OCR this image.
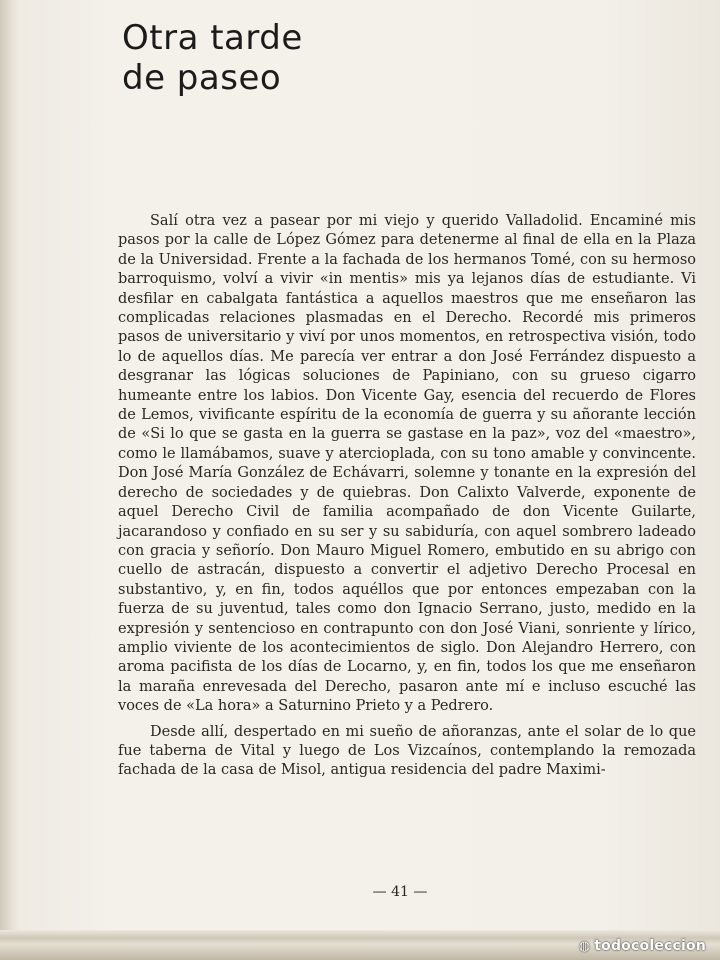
Otra tarde
de paseo

Salí otra vez a pasear por mi viejo y querido Valladolid. Encaminé mis pasos por la calle de López Gómez para detenerme al final de ella en la Plaza de la Universidad. Frente a la fachada de los hermanos Tomé, con su hermoso barroquismo, volví a vivir «in mentis» mis ya lejanos días de estudiante. Vi desfilar en cabalgata fantástica a aquellos maestros que me enseñaron las complicadas relaciones plasmadas en el Derecho. Recordé mis primeros pasos de universitario y viví por unos momentos, en retrospectiva visión, todo lo de aquellos días. Me parecía ver entrar a don José Ferrández dispuesto a desgranar las lógicas soluciones de Papiniano, con su grueso cigarro humeante entre los labios. Don Vicente Gay, esencia del recuerdo de Flores de Lemos, vivificante espíritu de la economía de guerra y su añorante lección de «Si lo que se gasta en la guerra se gastase en la paz», voz del «maestro», como le llamábamos, suave y atercioplada, con su tono amable y convincente. Don José María González de Echávarri, solemne y tonante en la expresión del derecho de sociedades y de quiebras. Don Calixto Valverde, exponente de aquel Derecho Civil de familia acompañado de don Vicente Guilarte, jacarandoso y confiado en su ser y su sabiduría, con aquel sombrero ladeado con gracia y señorío. Don Mauro Miguel Romero, embutido en su abrigo con cuello de astracán, dispuesto a convertir el adjetivo Derecho Procesal en substantivo, y, en fin, todos aquéllos que por entonces empezaban con la fuerza de su juventud, tales como don Ignacio Serrano, justo, medido en la expresión y sentencioso en contrapunto con don José Viani, sonriente y lírico, amplio viviente de los acontecimientos de siglo. Don Alejandro Herrero, con aroma pacifista de los días de Locarno, y, en fin, todos los que me enseñaron la maraña enrevesada del Derecho, pasaron ante mí e incluso escuché las voces de «La hora» a Saturnino Prieto y a Pedrero.

Desde allí, despertado en mi sueño de añoranzas, ante el solar de lo que fue taberna de Vital y luego de Los Vizcaínos, contemplando la remozada fachada de la casa de Misol, antigua residencia del padre Maximi-

— 41 —
◍ todocoleccion
